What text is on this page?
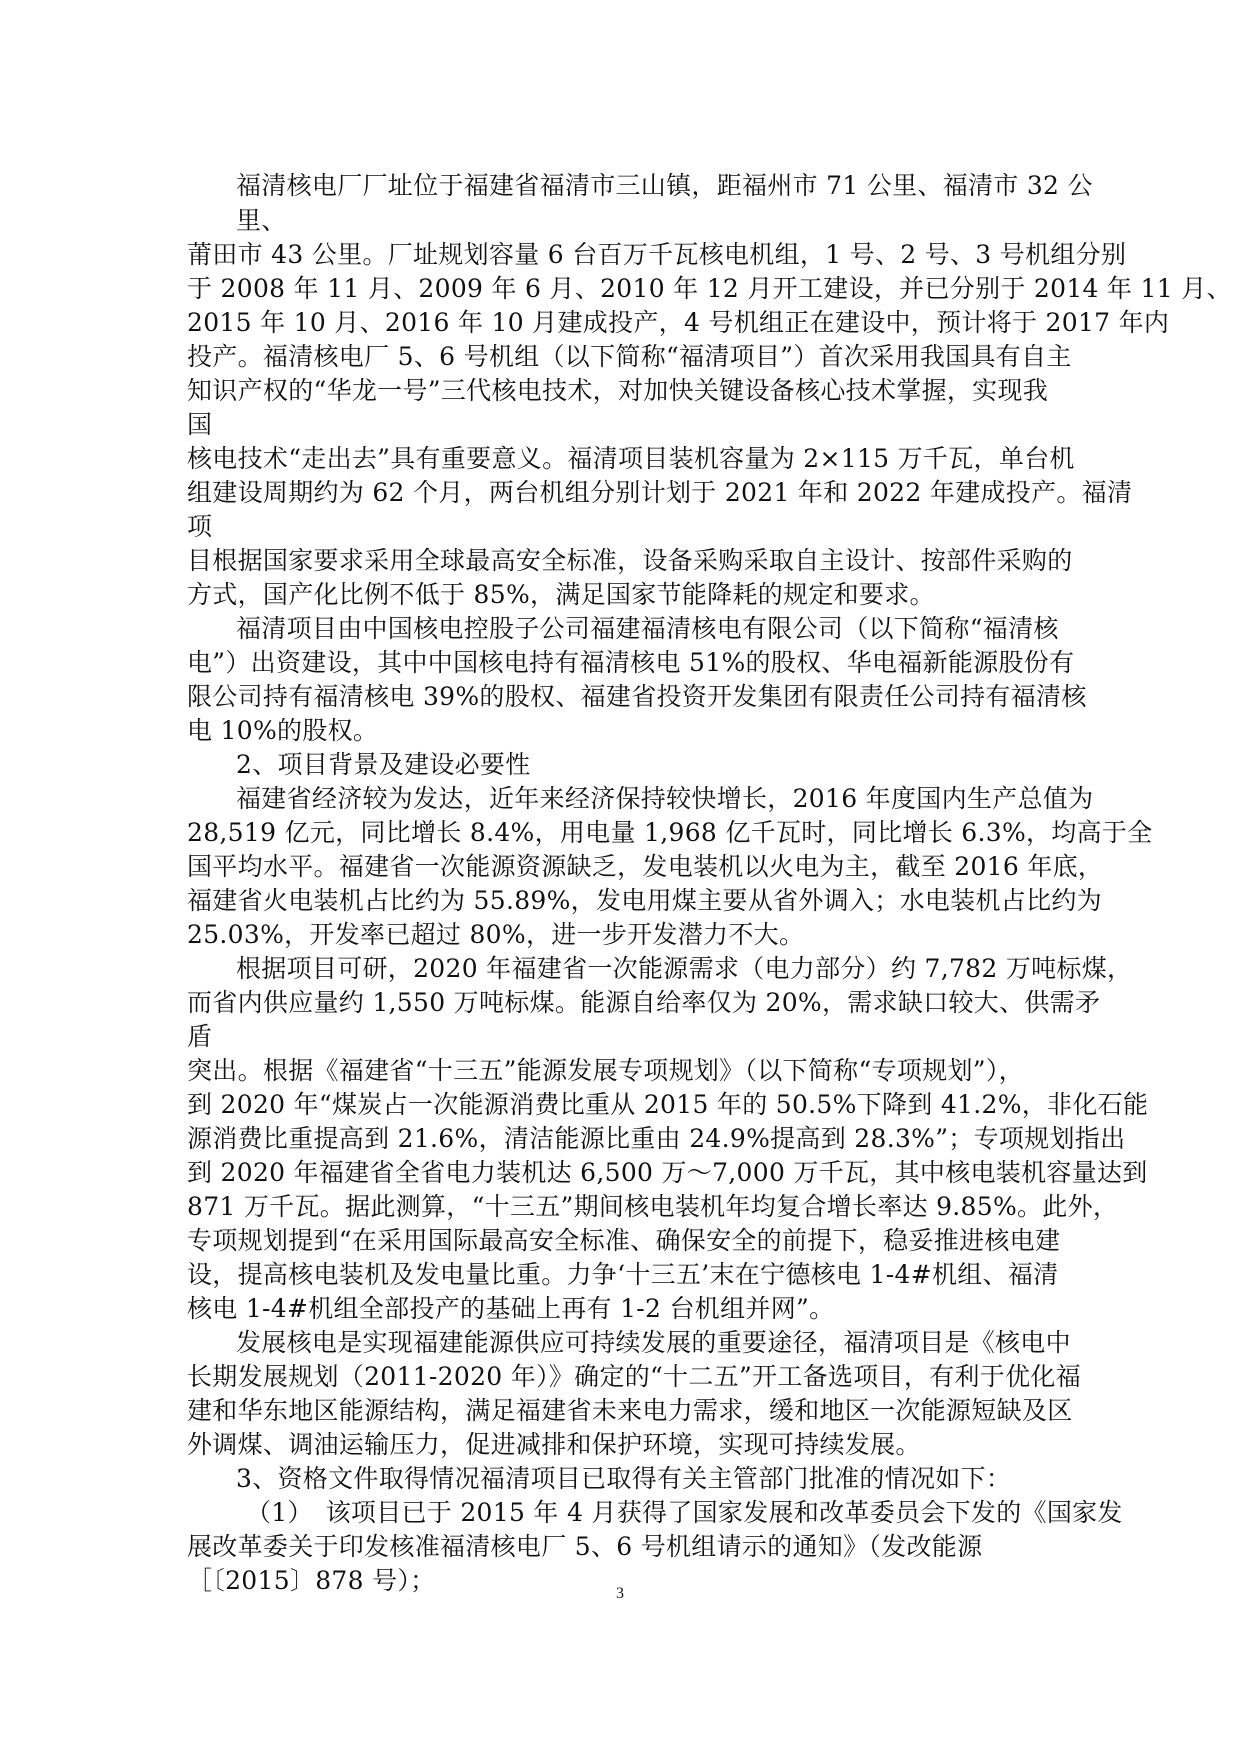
福清核电厂厂址位于福建省福清市三山镇，距福州市 71 公里、福清市 32 公
里、
莆田市 43 公里。厂址规划容量 6 台百万千瓦核电机组，1 号、2 号、3 号机组分别
于 2008 年 11 月、2009 年 6 月、2010 年 12 月开工建设，并已分别于 2014 年 11 月、
2015 年 10 月、2016 年 10 月建成投产，4 号机组正在建设中，预计将于 2017 年内
投产。福清核电厂 5、6 号机组（以下简称“福清项目”）首次采用我国具有自主
知识产权的“华龙一号”三代核电技术，对加快关键设备核心技术掌握，实现我
国
核电技术“走出去”具有重要意义。福清项目装机容量为 2×115 万千瓦，单台机
组建设周期约为 62 个月，两台机组分别计划于 2021 年和 2022 年建成投产。福清
项
目根据国家要求采用全球最高安全标准，设备采购采取自主设计、按部件采购的
方式，国产化比例不低于 85%，满足国家节能降耗的规定和要求。
福清项目由中国核电控股子公司福建福清核电有限公司（以下简称“福清核
电”）出资建设，其中中国核电持有福清核电 51%的股权、华电福新能源股份有
限公司持有福清核电 39%的股权、福建省投资开发集团有限责任公司持有福清核
电 10%的股权。
2、项目背景及建设必要性
福建省经济较为发达，近年来经济保持较快增长，2016 年度国内生产总值为
28,519 亿元，同比增长 8.4%，用电量 1,968 亿千瓦时，同比增长 6.3%，均高于全
国平均水平。福建省一次能源资源缺乏，发电装机以火电为主，截至 2016 年底，
福建省火电装机占比约为 55.89%，发电用煤主要从省外调入；水电装机占比约为
25.03%，开发率已超过 80%，进一步开发潜力不大。
根据项目可研，2020 年福建省一次能源需求（电力部分）约 7,782 万吨标煤，
而省内供应量约 1,550 万吨标煤。能源自给率仅为 20%，需求缺口较大、供需矛
盾
突出。根据《福建省“十三五”能源发展专项规划》（以下简称“专项规划”），
到 2020 年“煤炭占一次能源消费比重从 2015 年的 50.5%下降到 41.2%，非化石能
源消费比重提高到 21.6%，清洁能源比重由 24.9%提高到 28.3%”；专项规划指出
到 2020 年福建省全省电力装机达 6,500 万～7,000 万千瓦，其中核电装机容量达到
871 万千瓦。据此测算，“十三五”期间核电装机年均复合增长率达 9.85%。此外，
专项规划提到“在采用国际最高安全标准、确保安全的前提下，稳妥推进核电建
设，提高核电装机及发电量比重。力争‘十三五’末在宁德核电 1-4#机组、福清
核电 1-4#机组全部投产的基础上再有 1-2 台机组并网”。
发展核电是实现福建能源供应可持续发展的重要途径，福清项目是《核电中
长期发展规划（2011-2020 年）》确定的“十二五”开工备选项目，有利于优化福
建和华东地区能源结构，满足福建省未来电力需求，缓和地区一次能源短缺及区
外调煤、调油运输压力，促进减排和保护环境，实现可持续发展。
3、资格文件取得情况福清项目已取得有关主管部门批准的情况如下：
（1）　该项目已于 2015 年 4 月获得了国家发展和改革委员会下发的《国家发
展改革委关于印发核准福清核电厂 5、6 号机组请示的通知》（发改能源
［〔2015〕878 号）；	3
